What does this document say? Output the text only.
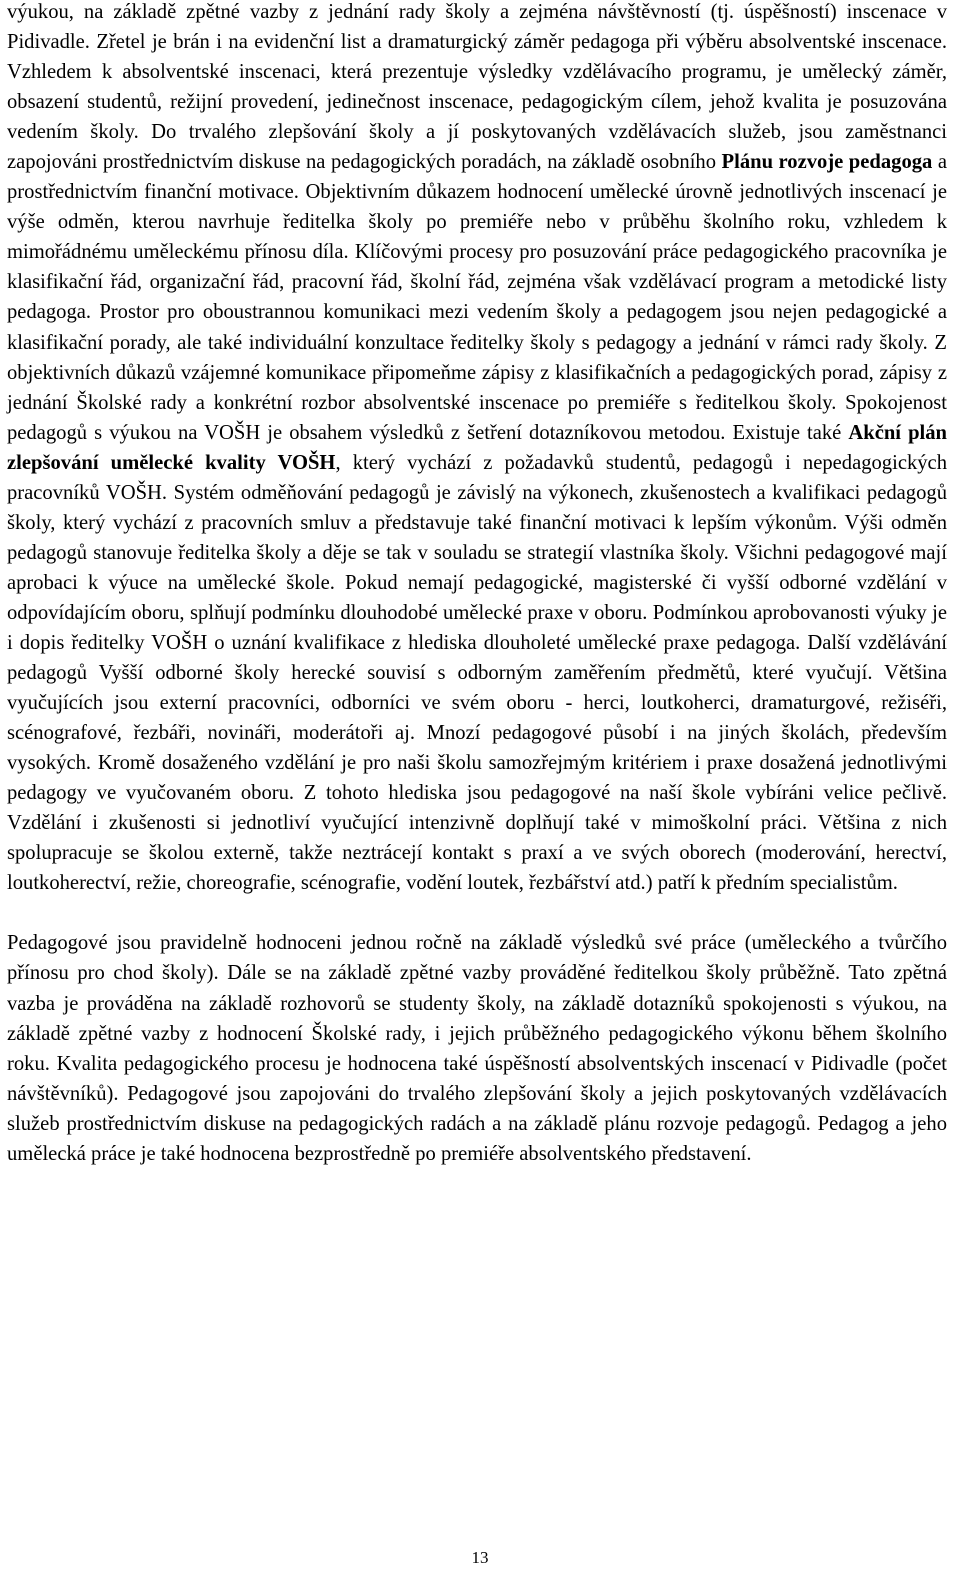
výukou, na základě zpětné vazby z jednání rady školy a zejména návštěvností (tj. úspěšností) inscenace v Pidivadle. Zřetel je brán i na evidenční list a dramaturgický záměr pedagoga při výběru absolventské inscenace. Vzhledem k absolventské inscenaci, která prezentuje výsledky vzdělávacího programu, je umělecký záměr, obsazení studentů, režijní provedení, jedinečnost inscenace, pedagogickým cílem, jehož kvalita je posuzována vedením školy. Do trvalého zlepšování školy a jí poskytovaných vzdělávacích služeb, jsou zaměstnanci zapojováni prostřednictvím diskuse na pedagogických poradách, na základě osobního Plánu rozvoje pedagoga a prostřednictvím finanční motivace. Objektivním důkazem hodnocení umělecké úrovně jednotlivých inscenací je výše odměn, kterou navrhuje ředitelka školy po premiéře nebo v průběhu školního roku, vzhledem k mimořádnému uměleckému přínosu díla. Klíčovými procesy pro posuzování práce pedagogického pracovníka je klasifikační řád, organizační řád, pracovní řád, školní řád, zejména však vzdělávací program a metodické listy pedagoga. Prostor pro oboustrannou komunikaci mezi vedením školy a pedagogem jsou nejen pedagogické a klasifikační porady, ale také individuální konzultace ředitelky školy s pedagogy a jednání v rámci rady školy. Z objektivních důkazů vzájemné komunikace připomeňme zápisy z klasifikačních a pedagogických porad, zápisy z jednání Školské rady a konkrétní rozbor absolventské inscenace po premiéře s ředitelkou školy. Spokojenost pedagogů s výukou na VOŠH je obsahem výsledků z šetření dotazníkovou metodou. Existuje také Akční plán zlepšování umělecké kvality VOŠH, který vychází z požadavků studentů, pedagogů i nepedagogických pracovníků VOŠH. Systém odměňování pedagogů je závislý na výkonech, zkušenostech a kvalifikaci pedagogů školy, který vychází z pracovních smluv a představuje také finanční motivaci k lepším výkonům. Výši odměn pedagogů stanovuje ředitelka školy a děje se tak v souladu se strategií vlastníka školy. Všichni pedagogové mají aprobaci k výuce na umělecké škole. Pokud nemají pedagogické, magisterské či vyšší odborné vzdělání v odpovídajícím oboru, splňují podmínku dlouhodobé umělecké praxe v oboru. Podmínkou aprobovanosti výuky je i dopis ředitelky VOŠH o uznání kvalifikace z hlediska dlouholeté umělecké praxe pedagoga. Další vzdělávání pedagogů Vyšší odborné školy herecké souvisí s odborným zaměřením předmětů, které vyučují. Většina vyučujících jsou externí pracovníci, odborníci ve svém oboru - herci, loutkoherci, dramaturgové, režiséři, scénografové, řezbáři, novináři, moderátoři aj. Mnozí pedagogové působí i na jiných školách, především vysokých. Kromě dosaženého vzdělání je pro naši školu samozřejmým kritériem i praxe dosažená jednotlivými pedagogy ve vyučovaném oboru. Z tohoto hlediska jsou pedagogové na naší škole vybíráni velice pečlivě. Vzdělání i zkušenosti si jednotliví vyučující intenzivně doplňují také v mimoškolní práci. Většina z nich spolupracuje se školou externě, takže neztrácejí kontakt s praxí a ve svých oborech (moderování, herectví, loutkoherectví, režie, choreografie, scénografie, vodění loutek, řezbářství atd.) patří k předním specialistům.

Pedagogové jsou pravidelně hodnoceni jednou ročně na základě výsledků své práce (uměleckého a tvůrčího přínosu pro chod školy). Dále se na základě zpětné vazby prováděné ředitelkou školy průběžně. Tato zpětná vazba je prováděna na základě rozhovorů se studenty školy, na základě dotazníků spokojenosti s výukou, na základě zpětné vazby z hodnocení Školské rady, i jejich průběžného pedagogického výkonu během školního roku. Kvalita pedagogického procesu je hodnocena také úspěšností absolventských inscenací v Pidivadle (počet návštěvníků). Pedagogové jsou zapojováni do trvalého zlepšování školy a jejich poskytovaných vzdělávacích služeb prostřednictvím diskuse na pedagogických radách a na základě plánu rozvoje pedagogů. Pedagog a jeho umělecká práce je také hodnocena bezprostředně po premiéře absolventského představení.

13
